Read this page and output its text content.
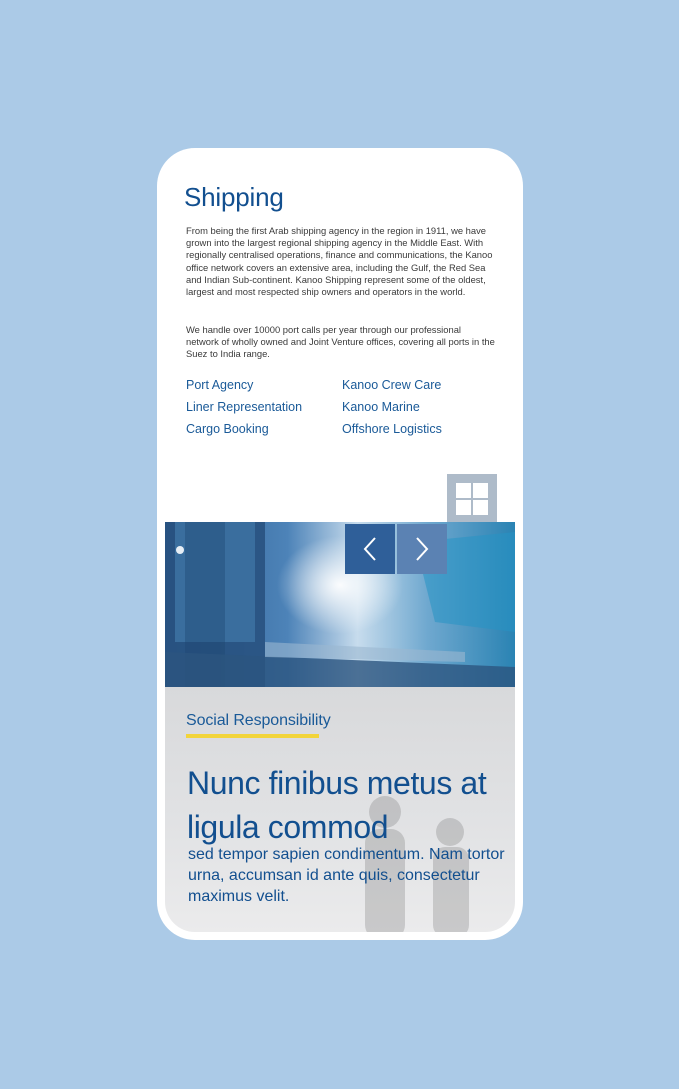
Shipping

From being the first Arab shipping agency in the region in 1911, we have grown into the largest regional shipping agency in the Middle East. With regionally centralised operations, finance and communications, the Kanoo office network covers an extensive area, including the Gulf, the Red Sea and Indian Sub-continent. Kanoo Shipping represent some of the oldest, largest and most respected ship owners and operators in the world.

We handle over 10000 port calls per year through our professional network of wholly owned and Joint Venture offices, covering all ports in the Suez to India range.

Port Agency	Kanoo Crew Care
Liner Representation	Kanoo Marine
Cargo Booking	Offshore Logistics
Social Responsibility
Nunc finibus metus at ligula commod

sed tempor sapien condimentum. Nam tortor urna, accumsan id ante quis, consectetur maximus velit.
